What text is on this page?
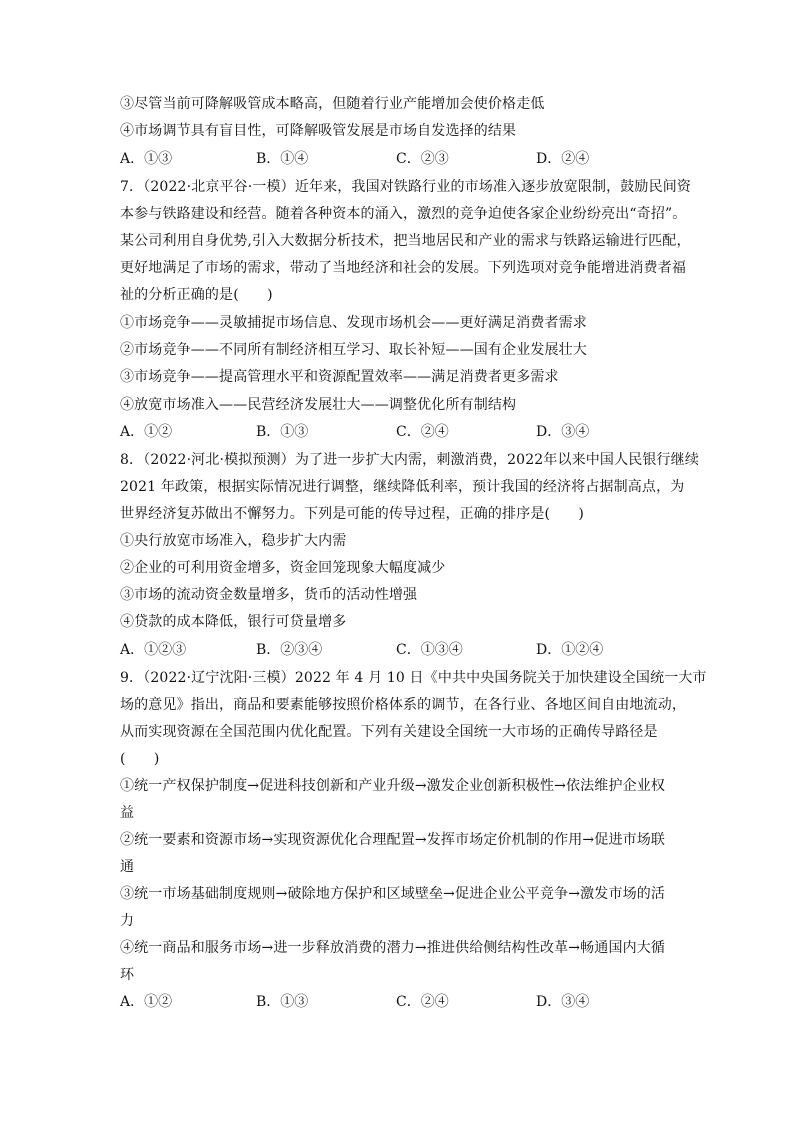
③尽管当前可降解吸管成本略高，但随着行业产能增加会使价格走低
④市场调节具有盲目性，可降解吸管发展是市场自发选择的结果
A．①③	B．①④	C．②③	D．②④
7．（2022·北京平谷·一模）近年来，我国对铁路行业的市场准入逐步放宽限制，鼓励民间资
本参与铁路建设和经营。随着各种资本的涌入，激烈的竞争迫使各家企业纷纷亮出“奇招”。
某公司利用自身优势,引入大数据分析技术，把当地居民和产业的需求与铁路运输进行匹配，
更好地满足了市场的需求，带动了当地经济和社会的发展。下列选项对竞争能增进消费者福
祉的分析正确的是(　　)
①市场竞争——灵敏捕捉市场信息、发现市场机会——更好满足消费者需求
②市场竞争——不同所有制经济相互学习、取长补短——国有企业发展壮大
③市场竞争——提高管理水平和资源配置效率——满足消费者更多需求
④放宽市场准入——民营经济发展壮大——调整优化所有制结构
A．①②	B．①③	C．②④	D．③④
8．（2022·河北·模拟预测）为了进一步扩大内需，刺激消费，2022年以来中国人民银行继续
2021 年政策，根据实际情况进行调整，继续降低利率，预计我国的经济将占据制高点，为
世界经济复苏做出不懈努力。下列是可能的传导过程，正确的排序是(　　)
①央行放宽市场准入，稳步扩大内需
②企业的可利用资金增多，资金回笼现象大幅度减少
③市场的流动资金数量增多，货币的活动性增强
④贷款的成本降低，银行可贷量增多
A．①②③	B．②③④	C．①③④	D．①②④
9．（2022·辽宁沈阳·三模）2022 年 4 月 10 日《中共中央国务院关于加快建设全国统一大市
场的意见》指出，商品和要素能够按照价格体系的调节，在各行业、各地区间自由地流动，
从而实现资源在全国范围内优化配置。下列有关建设全国统一大市场的正确传导路径是
(　　)
①统一产权保护制度→促进科技创新和产业升级→激发企业创新积极性→依法维护企业权
益
②统一要素和资源市场→实现资源优化合理配置→发挥市场定价机制的作用→促进市场联
通
③统一市场基础制度规则→破除地方保护和区域壁垒→促进企业公平竞争→激发市场的活
力
④统一商品和服务市场→进一步释放消费的潜力→推进供给侧结构性改革→畅通国内大循
环
A．①②	B．①③	C．②④	D．③④
